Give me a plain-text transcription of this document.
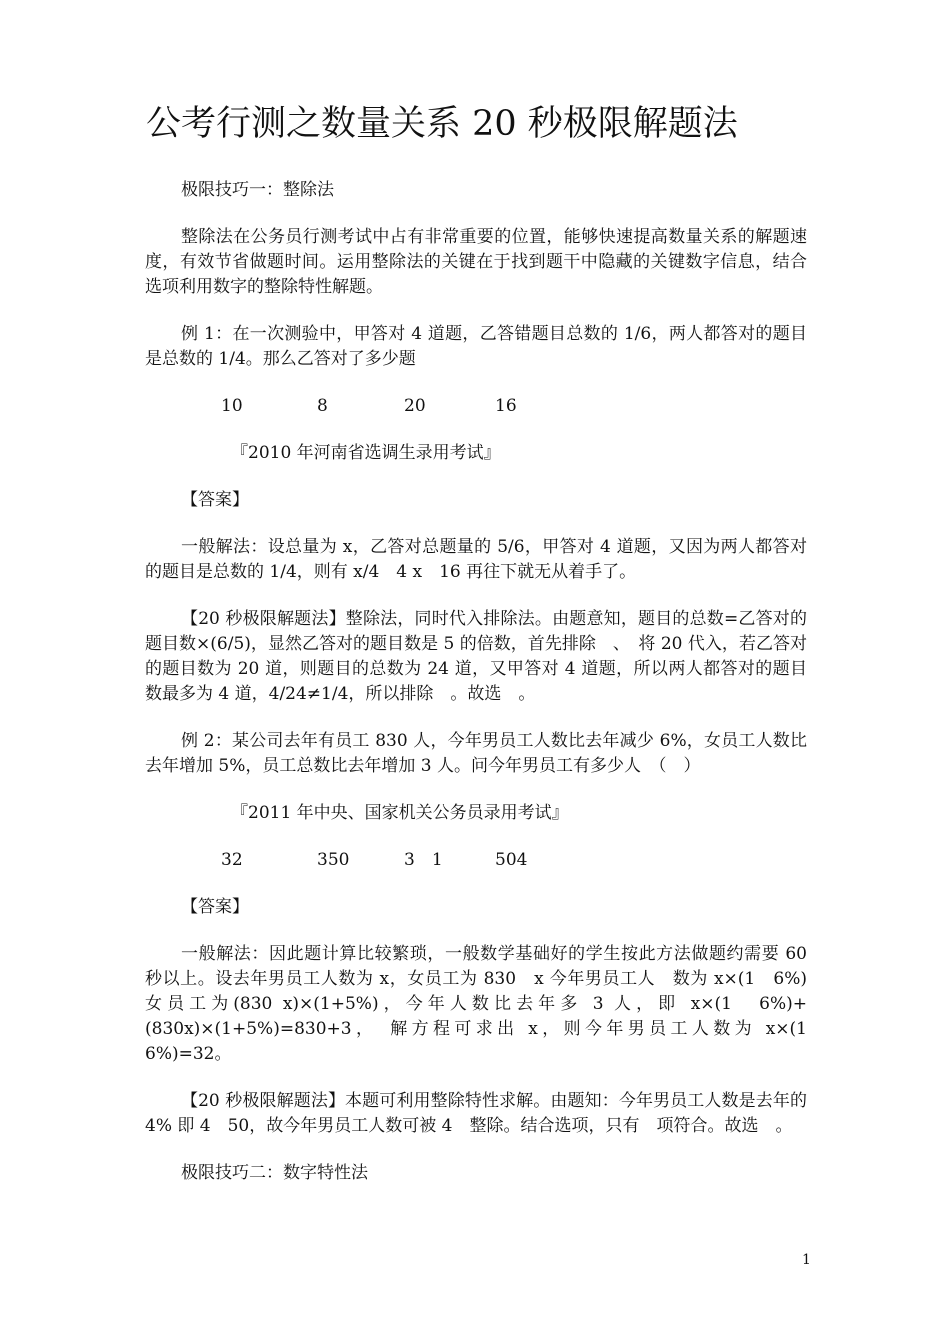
公考行测之数量关系 20 秒极限解题法

极限技巧一：整除法

整除法在公务员行测考试中占有非常重要的位置，能够快速提高数量关系的解题速度，有效节省做题时间。运用整除法的关键在于找到题干中隐藏的关键数字信息，结合选项利用数字的整除特性解题。

例 1：在一次测验中，甲答对 4 道题，乙答错题目总数的 1/6，两人都答对的题目是总数的 1/4。那么乙答对了多少题

10	8	20	16

『2010 年河南省选调生录用考试』

【答案】

一般解法：设总量为 x，乙答对总题量的 5/6，甲答对 4 道题，又因为两人都答对的题目是总数的 1/4，则有 x/4　4 x　16 再往下就无从着手了。

【20 秒极限解题法】整除法，同时代入排除法。由题意知，题目的总数=乙答对的题目数×(6/5)，显然乙答对的题目数是 5 的倍数，首先排除　、　将 20 代入，若乙答对的题目数为 20 道，则题目的总数为 24 道，又甲答对 4 道题，所以两人都答对的题目数最多为 4 道，4/24≠1/4，所以排除　。故选　。

例 2：某公司去年有员工 830 人，今年男员工人数比去年减少 6%，女员工人数比去年增加 5%，员工总数比去年增加 3 人。问今年男员工有多少人　（　）

『2011 年中央、国家机关公务员录用考试』

32	350	3　1	504

【答案】

一般解法：因此题计算比较繁琐，一般数学基础好的学生按此方法做题约需要 60 秒以上。设去年男员工人数为 x，女员工为 830　x 今年男员工人　数为 x×(1　6%) 女员工为(830 x)×(1+5%)，今年人数比去年多 3 人，即 x×(1　6%)+(830x)×(1+5%)=830+3，　解方程可求出 x，则今年男员工人数为 x×(1　6%)=32。

【20 秒极限解题法】本题可利用整除特性求解。由题知：今年男员工人数是去年的　4% 即 4　50，故今年男员工人数可被 4　整除。结合选项，只有　项符合。故选　。

极限技巧二：数字特性法

1
